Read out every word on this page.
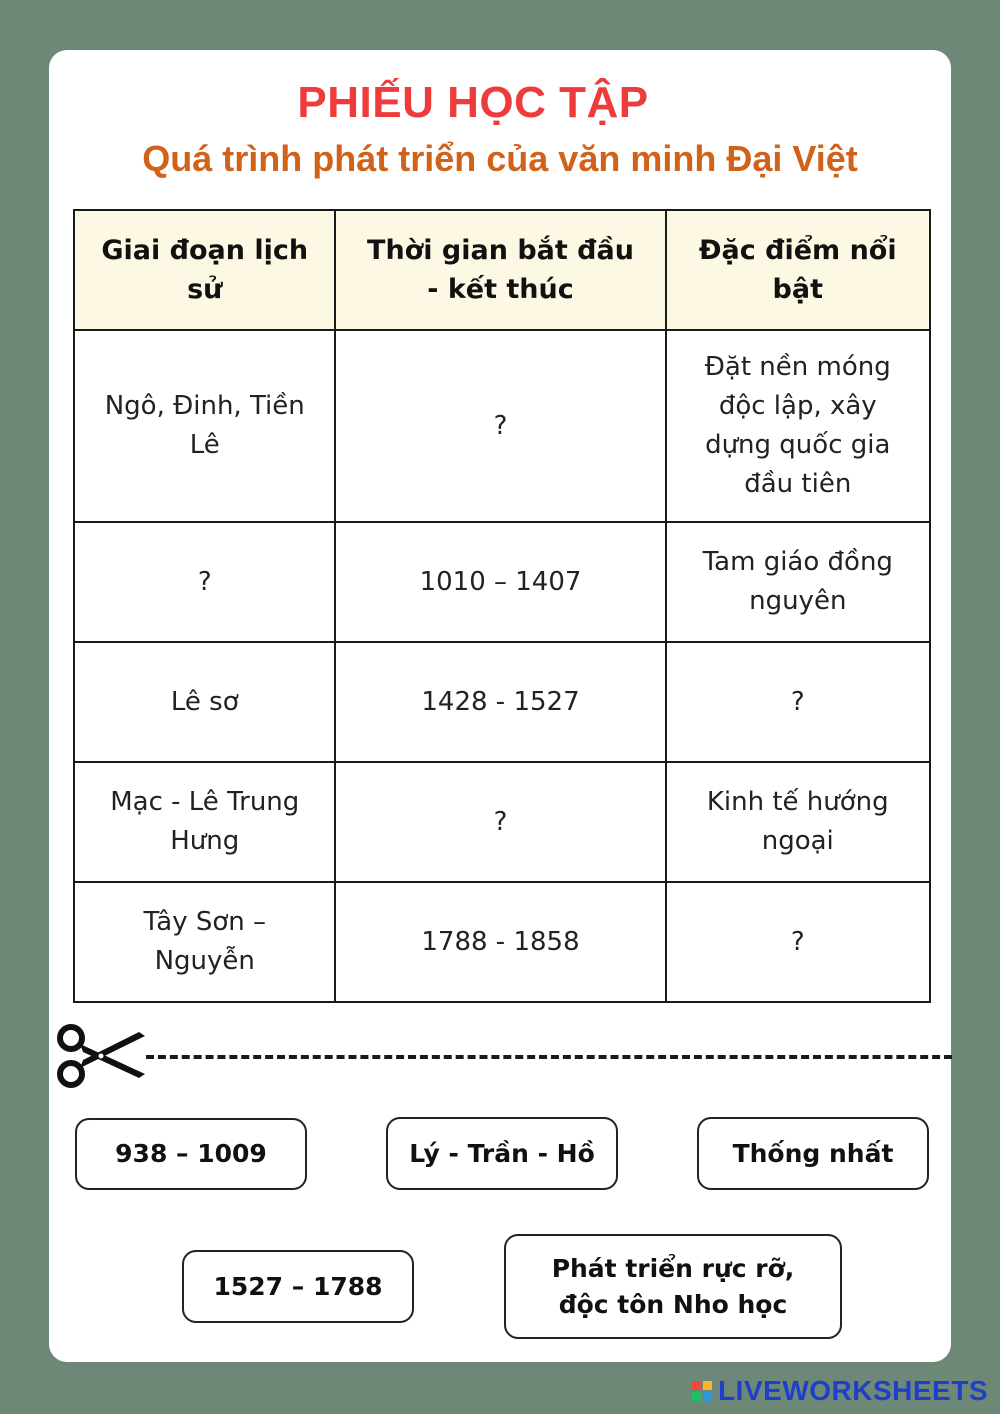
PHIẾU HỌC TẬP
Quá trình phát triển của văn minh Đại Việt
Giai đoạn lịch sử	Thời gian bắt đầu - kết thúc	Đặc điểm nổi bật
Ngô, Đinh, Tiền Lê	?	Đặt nền móng độc lập, xây dựng quốc gia đầu tiên
?	1010 – 1407	Tam giáo đồng nguyên
Lê sơ	1428 - 1527	?
Mạc - Lê Trung Hưng	?	Kinh tế hướng ngoại
Tây Sơn – Nguyễn	1788 - 1858	?
938 – 1009	Lý - Trần - Hồ	Thống nhất
1527 – 1788
Phát triển rực rỡ, độc tôn Nho học
LIVEWORKSHEETS
